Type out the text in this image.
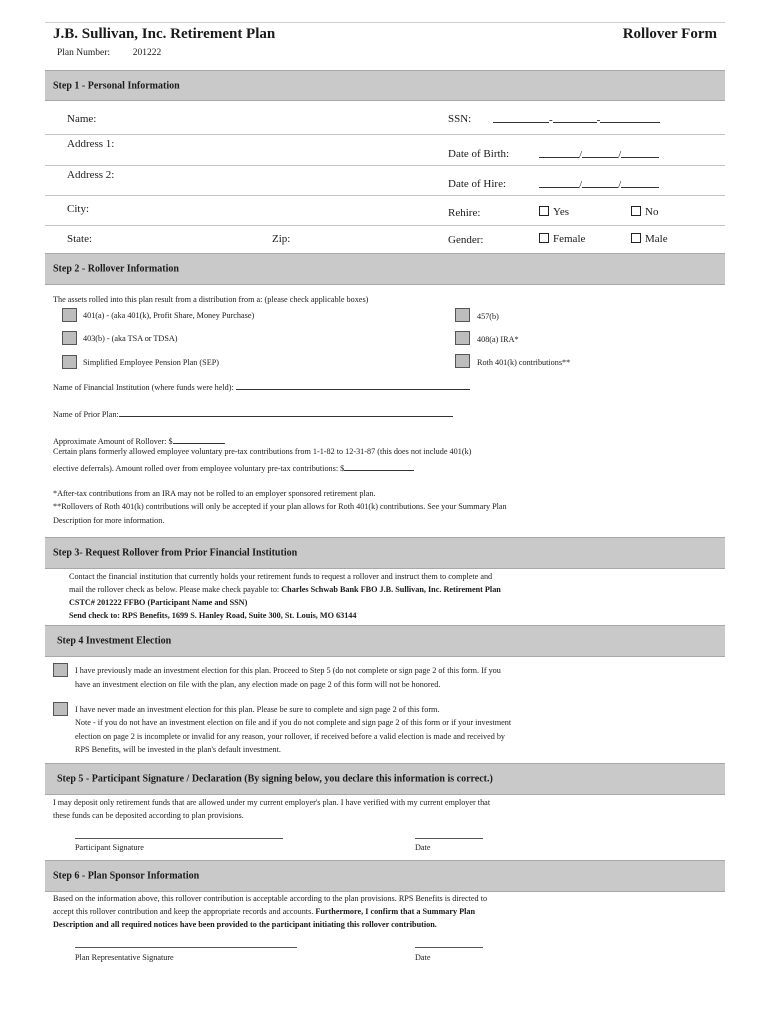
J.B. Sullivan, Inc. Retirement Plan	Rollover Form
Plan Number: 201222
Step 1 - Personal Information
Name:	SSN:	-	-
Address 1:
Date of Birth:	/	/
Address 2:
Date of Hire:	/	/
City:	Rehire:	Yes	No
State:	Zip:	Gender:	Female	Male
Step 2 - Rollover Information
The assets rolled into this plan result from a distribution from a: (please check applicable boxes)
401(a) - (aka 401(k), Profit Share, Money Purchase)	457(b)
403(b) - (aka TSA or TDSA)	408(a) IRA*
Simplified Employee Pension Plan (SEP)	Roth 401(k) contributions**
Name of Financial Institution (where funds were held):
Name of Prior Plan:
Approximate Amount of Rollover: $
Certain plans formerly allowed employee voluntary pre-tax contributions from 1-1-82 to 12-31-87 (this does not include 401(k)
elective deferrals). Amount rolled over from employee voluntary pre-tax contributions: $
*After-tax contributions from an IRA may not be rolled to an employer sponsored retirement plan.
**Rollovers of Roth 401(k) contributions will only be accepted if your plan allows for Roth 401(k) contributions. See your Summary Plan
Description for more information.
Step 3- Request Rollover from Prior Financial Institution
Contact the financial institution that currently holds your retirement funds to request a rollover and instruct them to complete and
mail the rollover check as below. Please make check payable to: Charles Schwab Bank FBO J.B. Sullivan, Inc. Retirement Plan
CSTC# 201222 FFBO (Participant Name and SSN)
Send check to: RPS Benefits, 1699 S. Hanley Road, Suite 300, St. Louis, MO 63144
Step 4 Investment Election
I have previously made an investment election for this plan. Proceed to Step 5 (do not complete or sign page 2 of this form. If you
have an investment election on file with the plan, any election made on page 2 of this form will not be honored.
I have never made an investment election for this plan. Please be sure to complete and sign page 2 of this form.
Note - if you do not have an investment election on file and if you do not complete and sign page 2 of this form or if your investment
election on page 2 is incomplete or invalid for any reason, your rollover, if received before a valid election is made and received by
RPS Benefits, will be invested in the plan's default investment.
Step 5 - Participant Signature / Declaration (By signing below, you declare this information is correct.)
I may deposit only retirement funds that are allowed under my current employer's plan. I have verified with my current employer that
these funds can be deposited according to plan provisions.
Participant Signature	Date
Step 6 - Plan Sponsor Information
Based on the information above, this rollover contribution is acceptable according to the plan provisions. RPS Benefits is directed to
accept this rollover contribution and keep the appropriate records and accounts. Furthermore, I confirm that a Summary Plan
Description and all required notices have been provided to the participant initiating this rollover contribution.
Plan Representative Signature	Date
